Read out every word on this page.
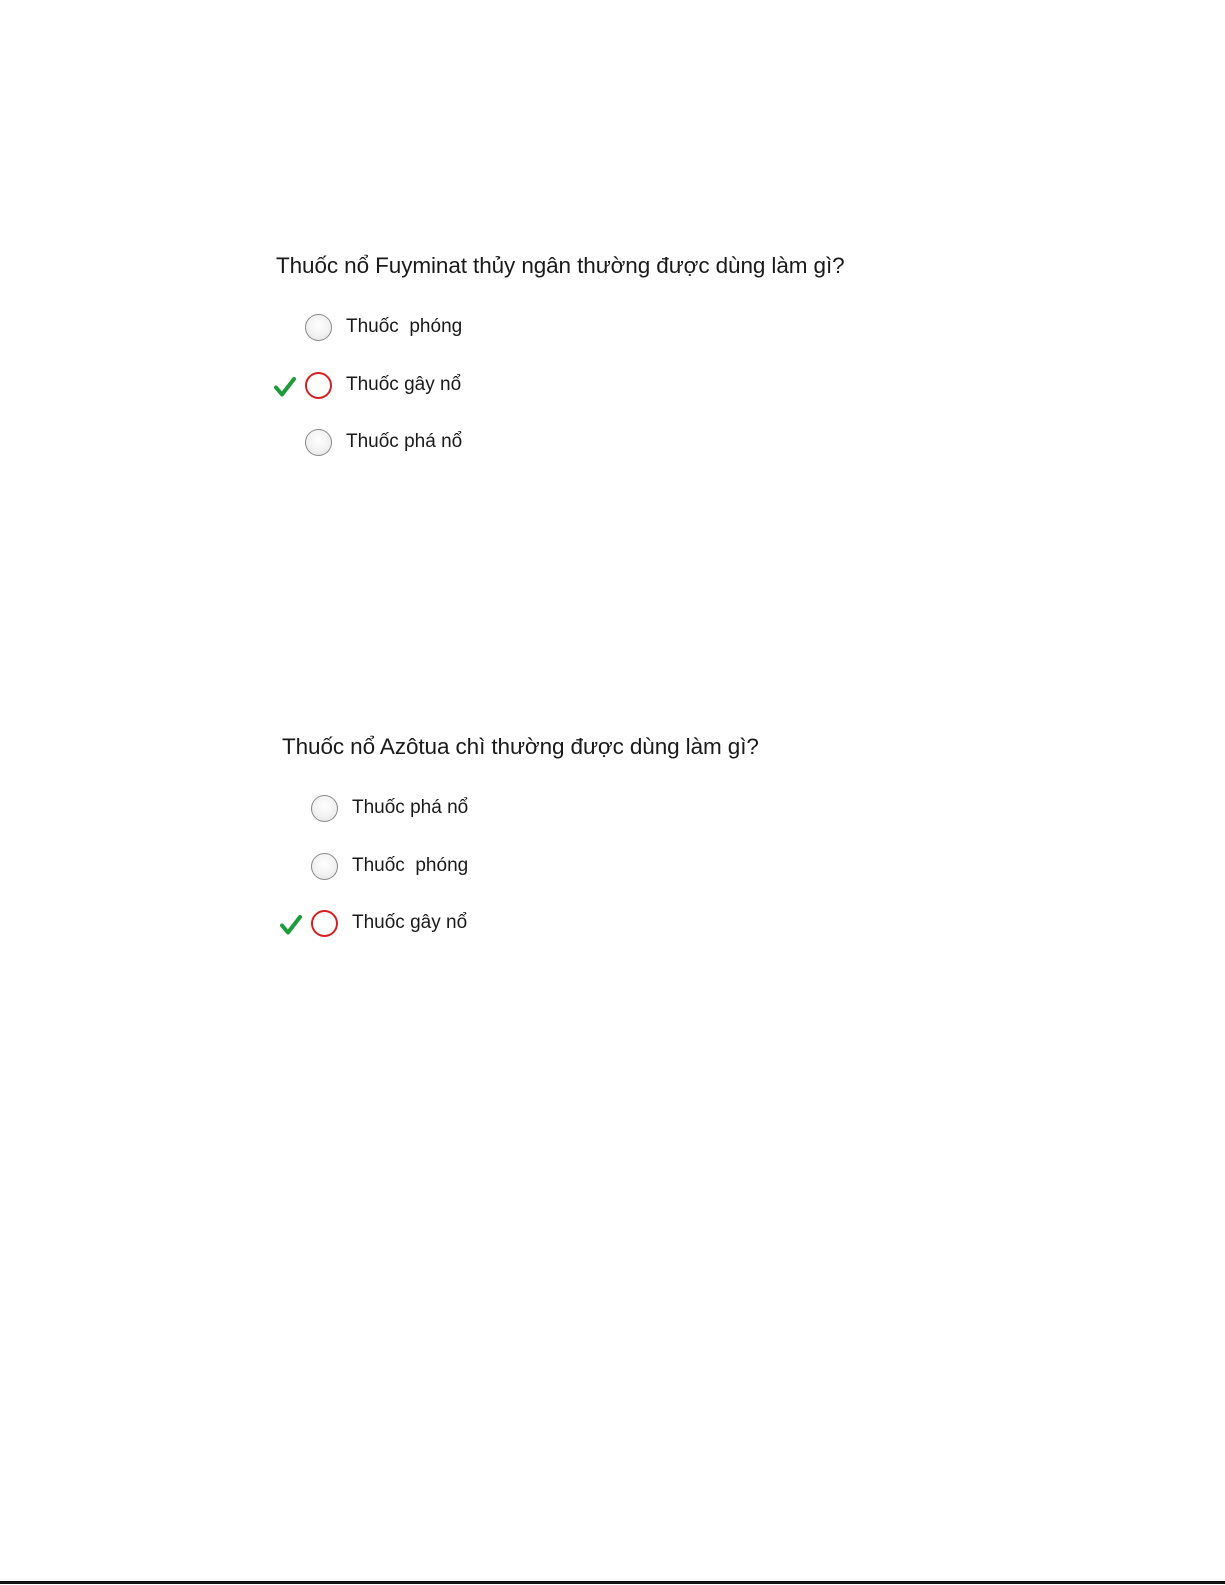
Thuốc nổ Fuyminat thủy ngân thường được dùng làm gì?

Thuốc  phóng
Thuốc gây nổ
Thuốc phá nổ

Thuốc nổ Azôtua chì thường được dùng làm gì?

Thuốc phá nổ
Thuốc  phóng
Thuốc gây nổ
